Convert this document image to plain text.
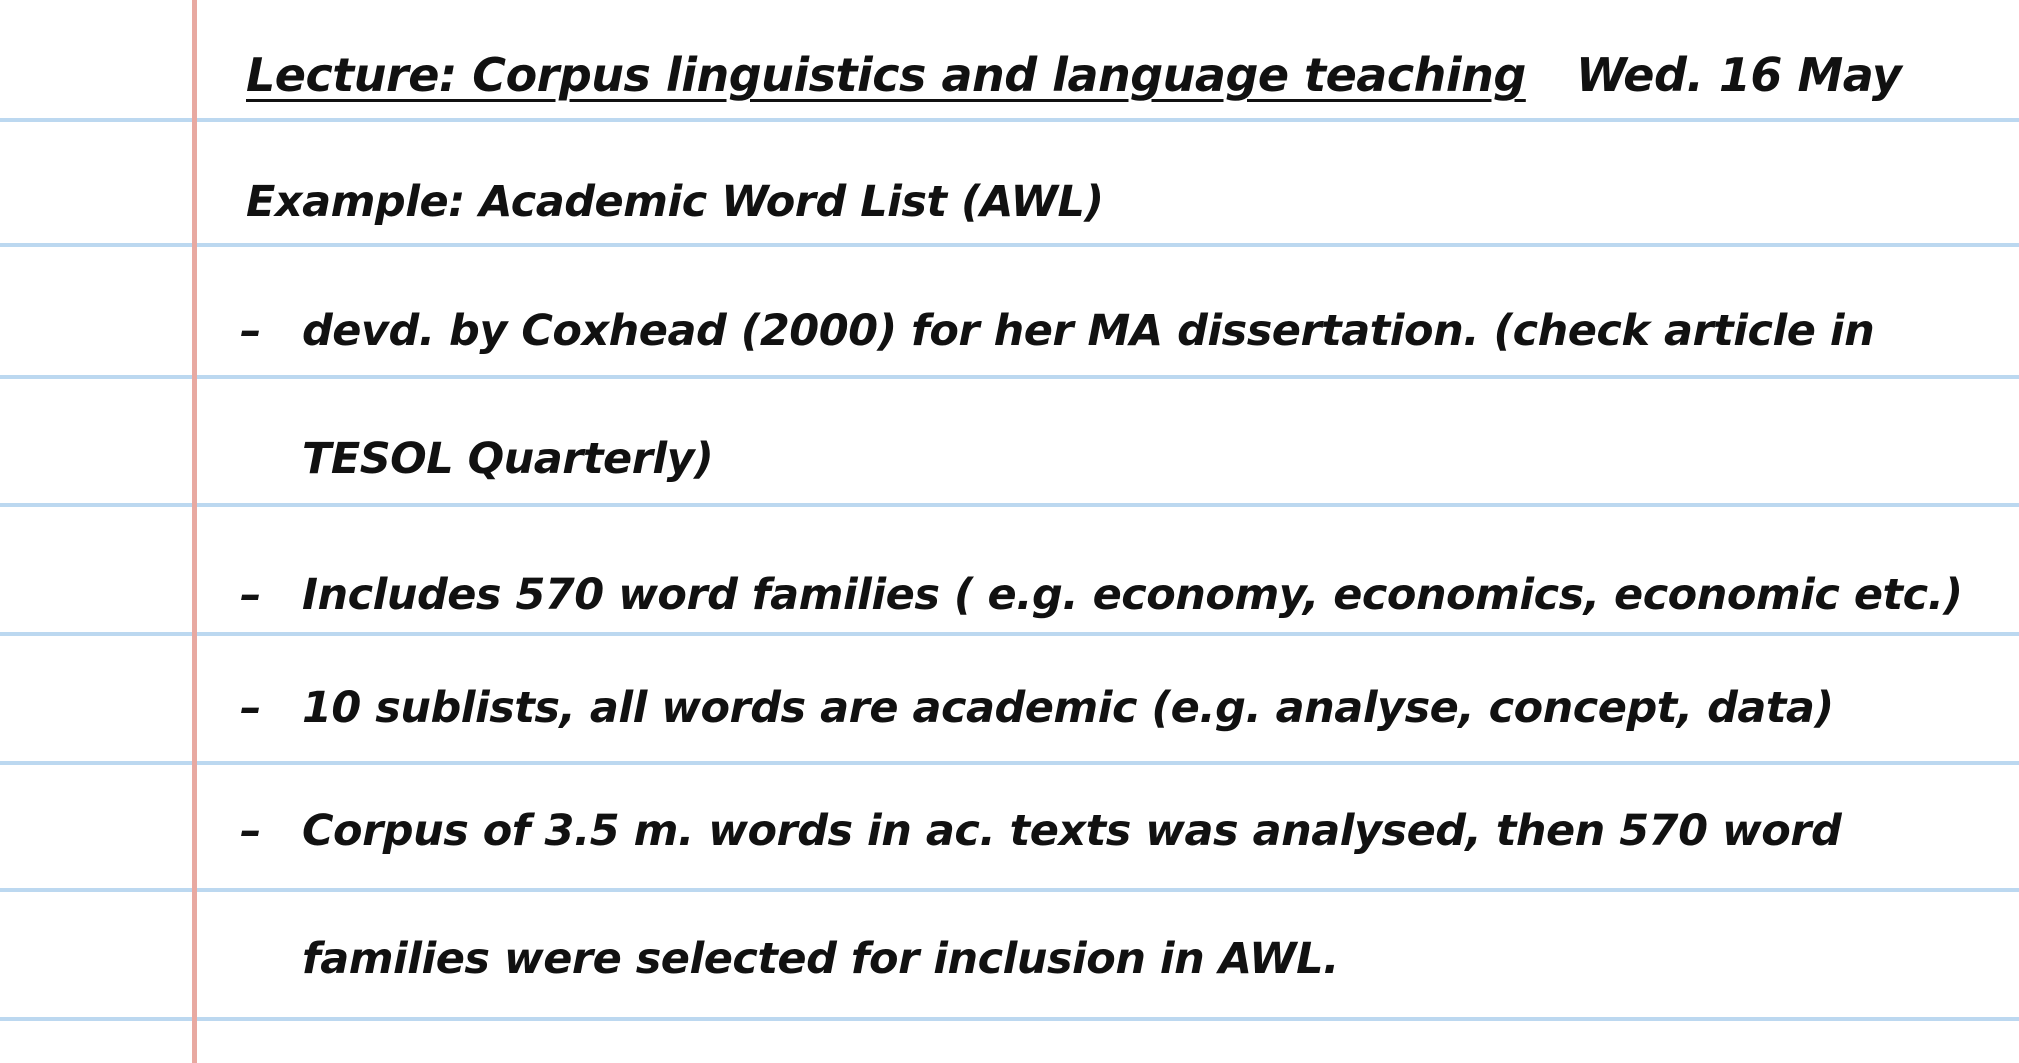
Lecture: Corpus linguistics and language teaching Wed. 16 May
Example: Academic Word List (AWL)
– devd. by Coxhead (2000) for her MA dissertation. (check article in
TESOL Quarterly)
– Includes 570 word families ( e.g. economy, economics, economic etc.)
– 10 sublists, all words are academic (e.g. analyse, concept, data)
– Corpus of 3.5 m. words in ac. texts was analysed, then 570 word
families were selected for inclusion in AWL.
